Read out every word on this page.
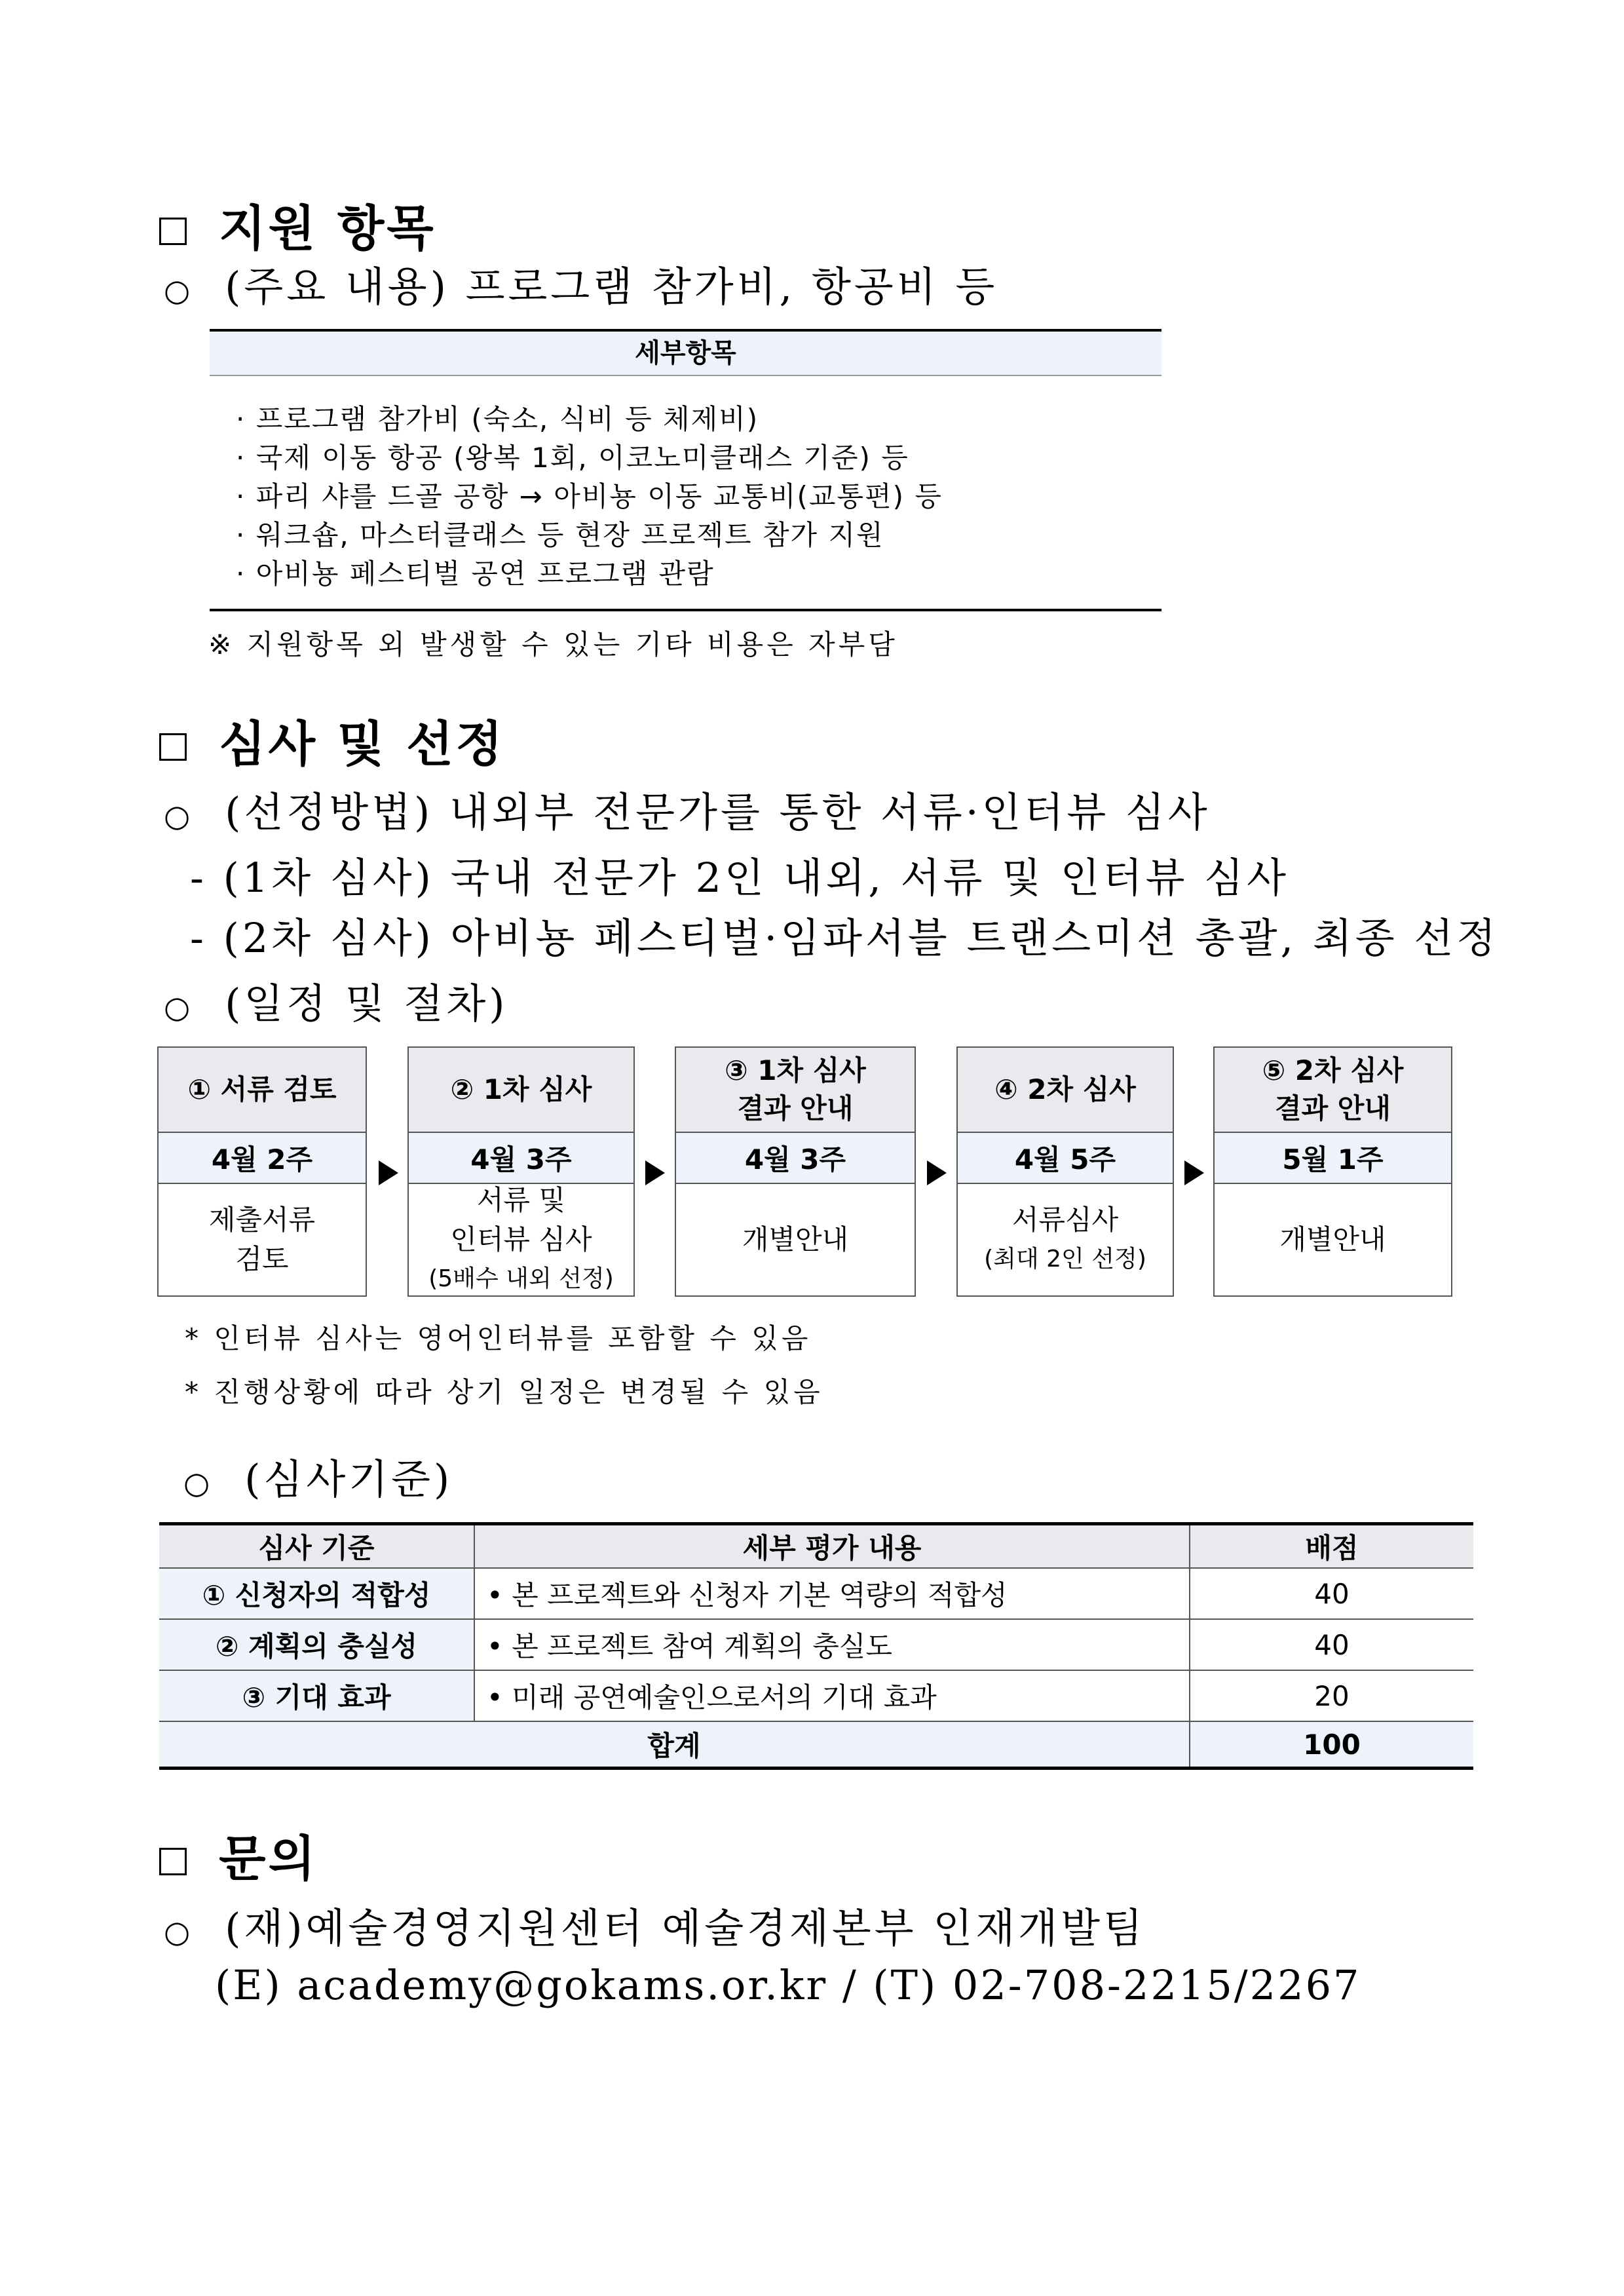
지원 항목
○ (주요 내용) 프로그램 참가비, 항공비 등
세부항목
· 프로그램 참가비 (숙소, 식비 등 체제비)
· 국제 이동 항공 (왕복 1회, 이코노미클래스 기준) 등
· 파리 샤를 드골 공항 → 아비뇽 이동 교통비(교통편) 등
· 워크숍, 마스터클래스 등 현장 프로젝트 참가 지원
· 아비뇽 페스티벌 공연 프로그램 관람
※ 지원항목 외 발생할 수 있는 기타 비용은 자부담
심사 및 선정
○ (선정방법) 내외부 전문가를 통한 서류·인터뷰 심사
- (1차 심사) 국내 전문가 2인 내외, 서류 및 인터뷰 심사
- (2차 심사) 아비뇽 페스티벌·임파서블 트랜스미션 총괄, 최종 선정
○ (일정 및 절차)
① 서류 검토
4월 2주
제출서류
검토
② 1차 심사
4월 3주
서류 및
인터뷰 심사
(5배수 내외 선정)
③ 1차 심사
결과 안내
4월 3주
개별안내
④ 2차 심사
4월 5주
서류심사
(최대 2인 선정)
⑤ 2차 심사
결과 안내
5월 1주
개별안내
* 인터뷰 심사는 영어인터뷰를 포함할 수 있음
* 진행상황에 따라 상기 일정은 변경될 수 있음
○ (심사기준)
심사 기준	세부 평가 내용	배점
① 신청자의 적합성	• 본 프로젝트와 신청자 기본 역량의 적합성	40
② 계획의 충실성	• 본 프로젝트 참여 계획의 충실도	40
③ 기대 효과	• 미래 공연예술인으로서의 기대 효과	20
합계		100
문의
○ (재)예술경영지원센터 예술경제본부 인재개발팀
(E) academy@gokams.or.kr / (T) 02-708-2215/2267
